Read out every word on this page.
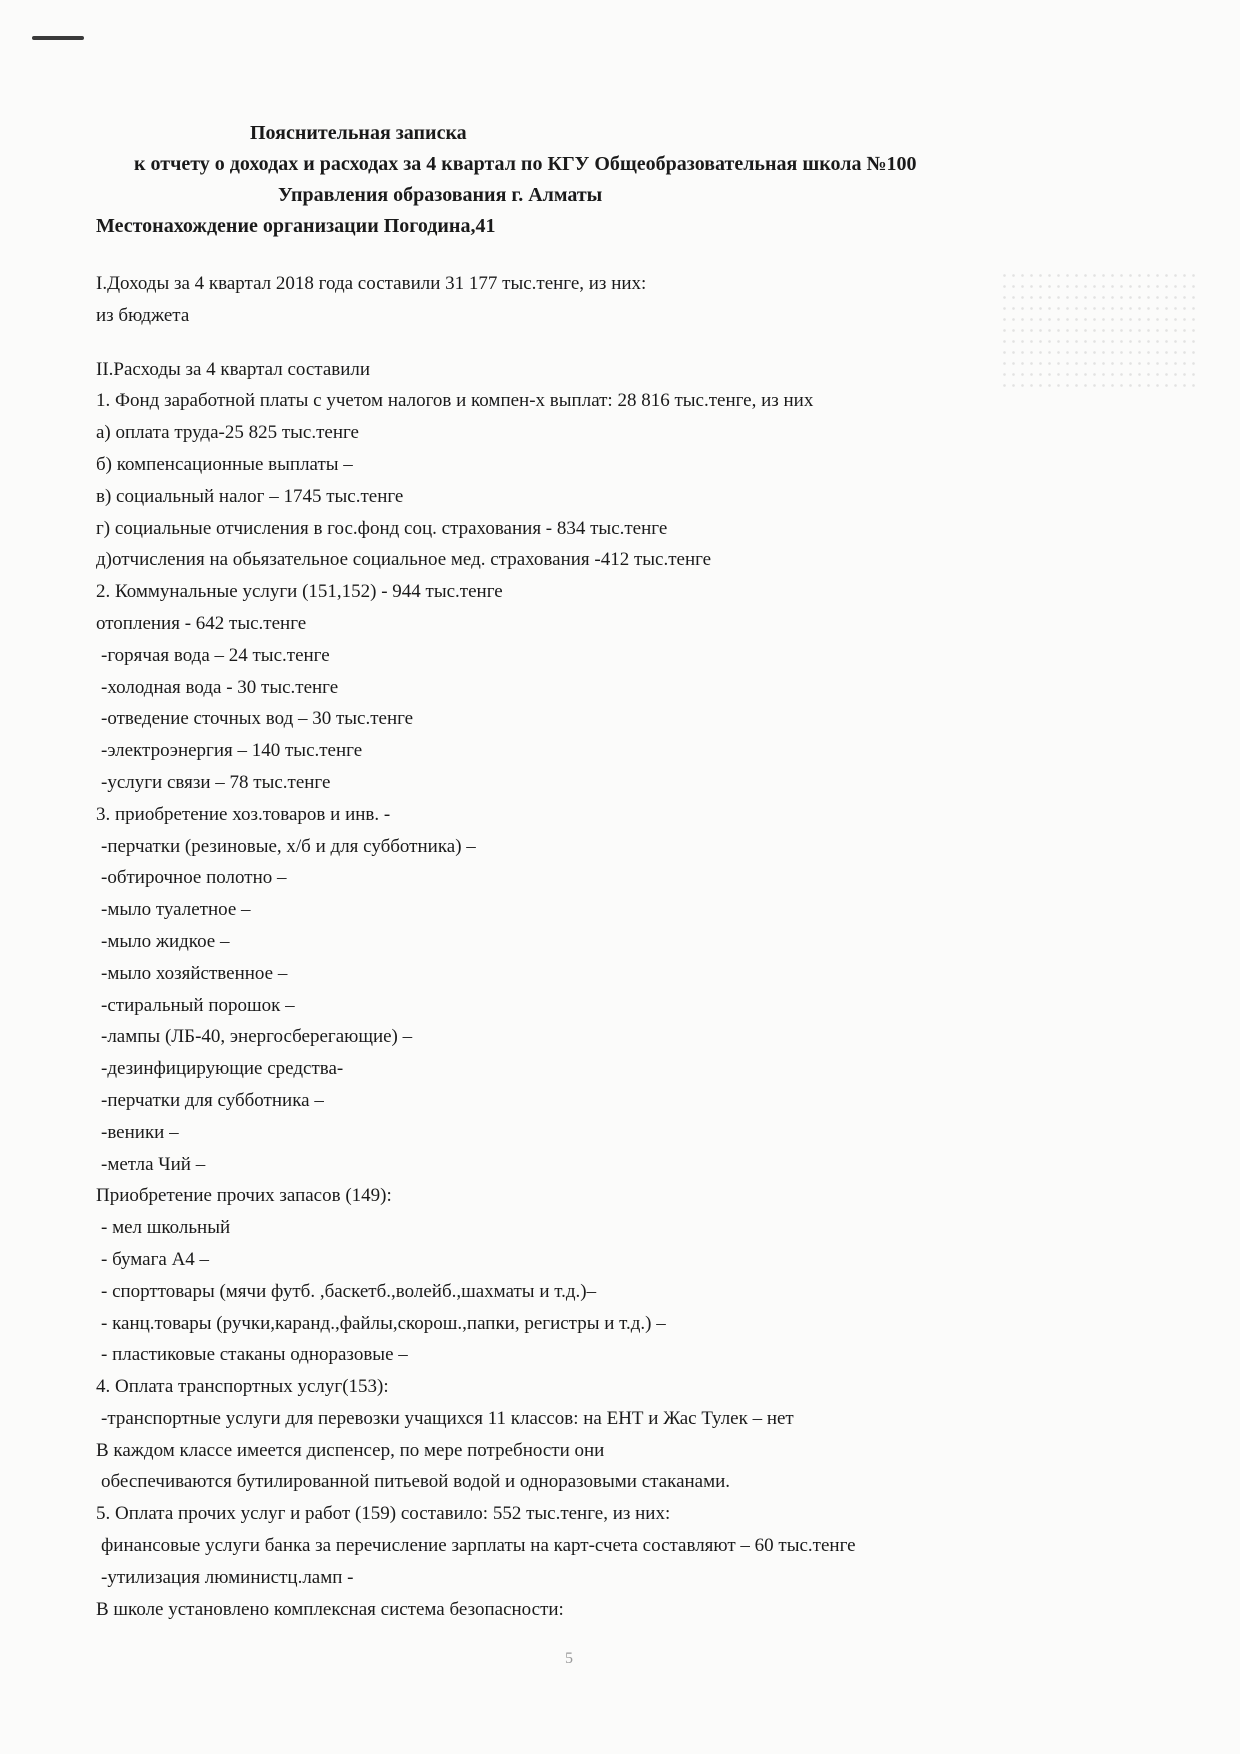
Пояснительная записка
к отчету о доходах и расходах за 4 квартал по КГУ Общеобразовательная школа №100
Управления образования г. Алматы
Местонахождение организации Погодина,41
I.Доходы за 4 квартал 2018 года составили 31 177 тыс.тенге, из них:
из бюджета
II.Расходы за 4 квартал составили
1. Фонд заработной платы с учетом налогов и компен-х выплат: 28 816 тыс.тенге, из них
а) оплата труда-25 825 тыс.тенге
б) компенсационные выплаты –
в) социальный налог – 1745 тыс.тенге
г) социальные отчисления в гос.фонд соц. страхования - 834 тыс.тенге
д)отчисления на обьязательное социальное мед. страхования -412 тыс.тенге
2. Коммунальные услуги (151,152) - 944 тыс.тенге
отопления - 642 тыс.тенге
-горячая вода – 24 тыс.тенге
-холодная вода - 30 тыс.тенге
-отведение сточных вод – 30 тыс.тенге
-электроэнергия – 140 тыс.тенге
-услуги связи – 78 тыс.тенге
3. приобретение хоз.товаров и инв. -
-перчатки (резиновые, х/б и для субботника) –
-обтирочное полотно –
-мыло туалетное –
-мыло жидкое –
-мыло хозяйственное –
-стиральный порошок –
-лампы (ЛБ-40, энергосберегающие) –
-дезинфицирующие средства-
-перчатки для субботника –
-веники –
-метла Чий –
Приобретение прочих запасов (149):
- мел школьный
- бумага А4 –
- спорттовары (мячи футб. ,баскетб.,волейб.,шахматы и т.д.)–
- канц.товары (ручки,каранд.,файлы,скорош.,папки, регистры и т.д.) –
- пластиковые стаканы одноразовые –
4. Оплата транспортных услуг(153):
-транспортные услуги для перевозки учащихся 11 классов: на ЕНТ и Жас Тулек – нет
В каждом классе имеется диспенсер, по мере потребности они
обеспечиваются бутилированной питьевой водой и одноразовыми стаканами.
5. Оплата прочих услуг и работ (159) составило: 552 тыс.тенге, из них:
финансовые услуги банка за перечисление зарплаты на карт-счета составляют – 60 тыс.тенге
-утилизация люминистц.ламп -
В школе установлено комплексная система безопасности:
5
